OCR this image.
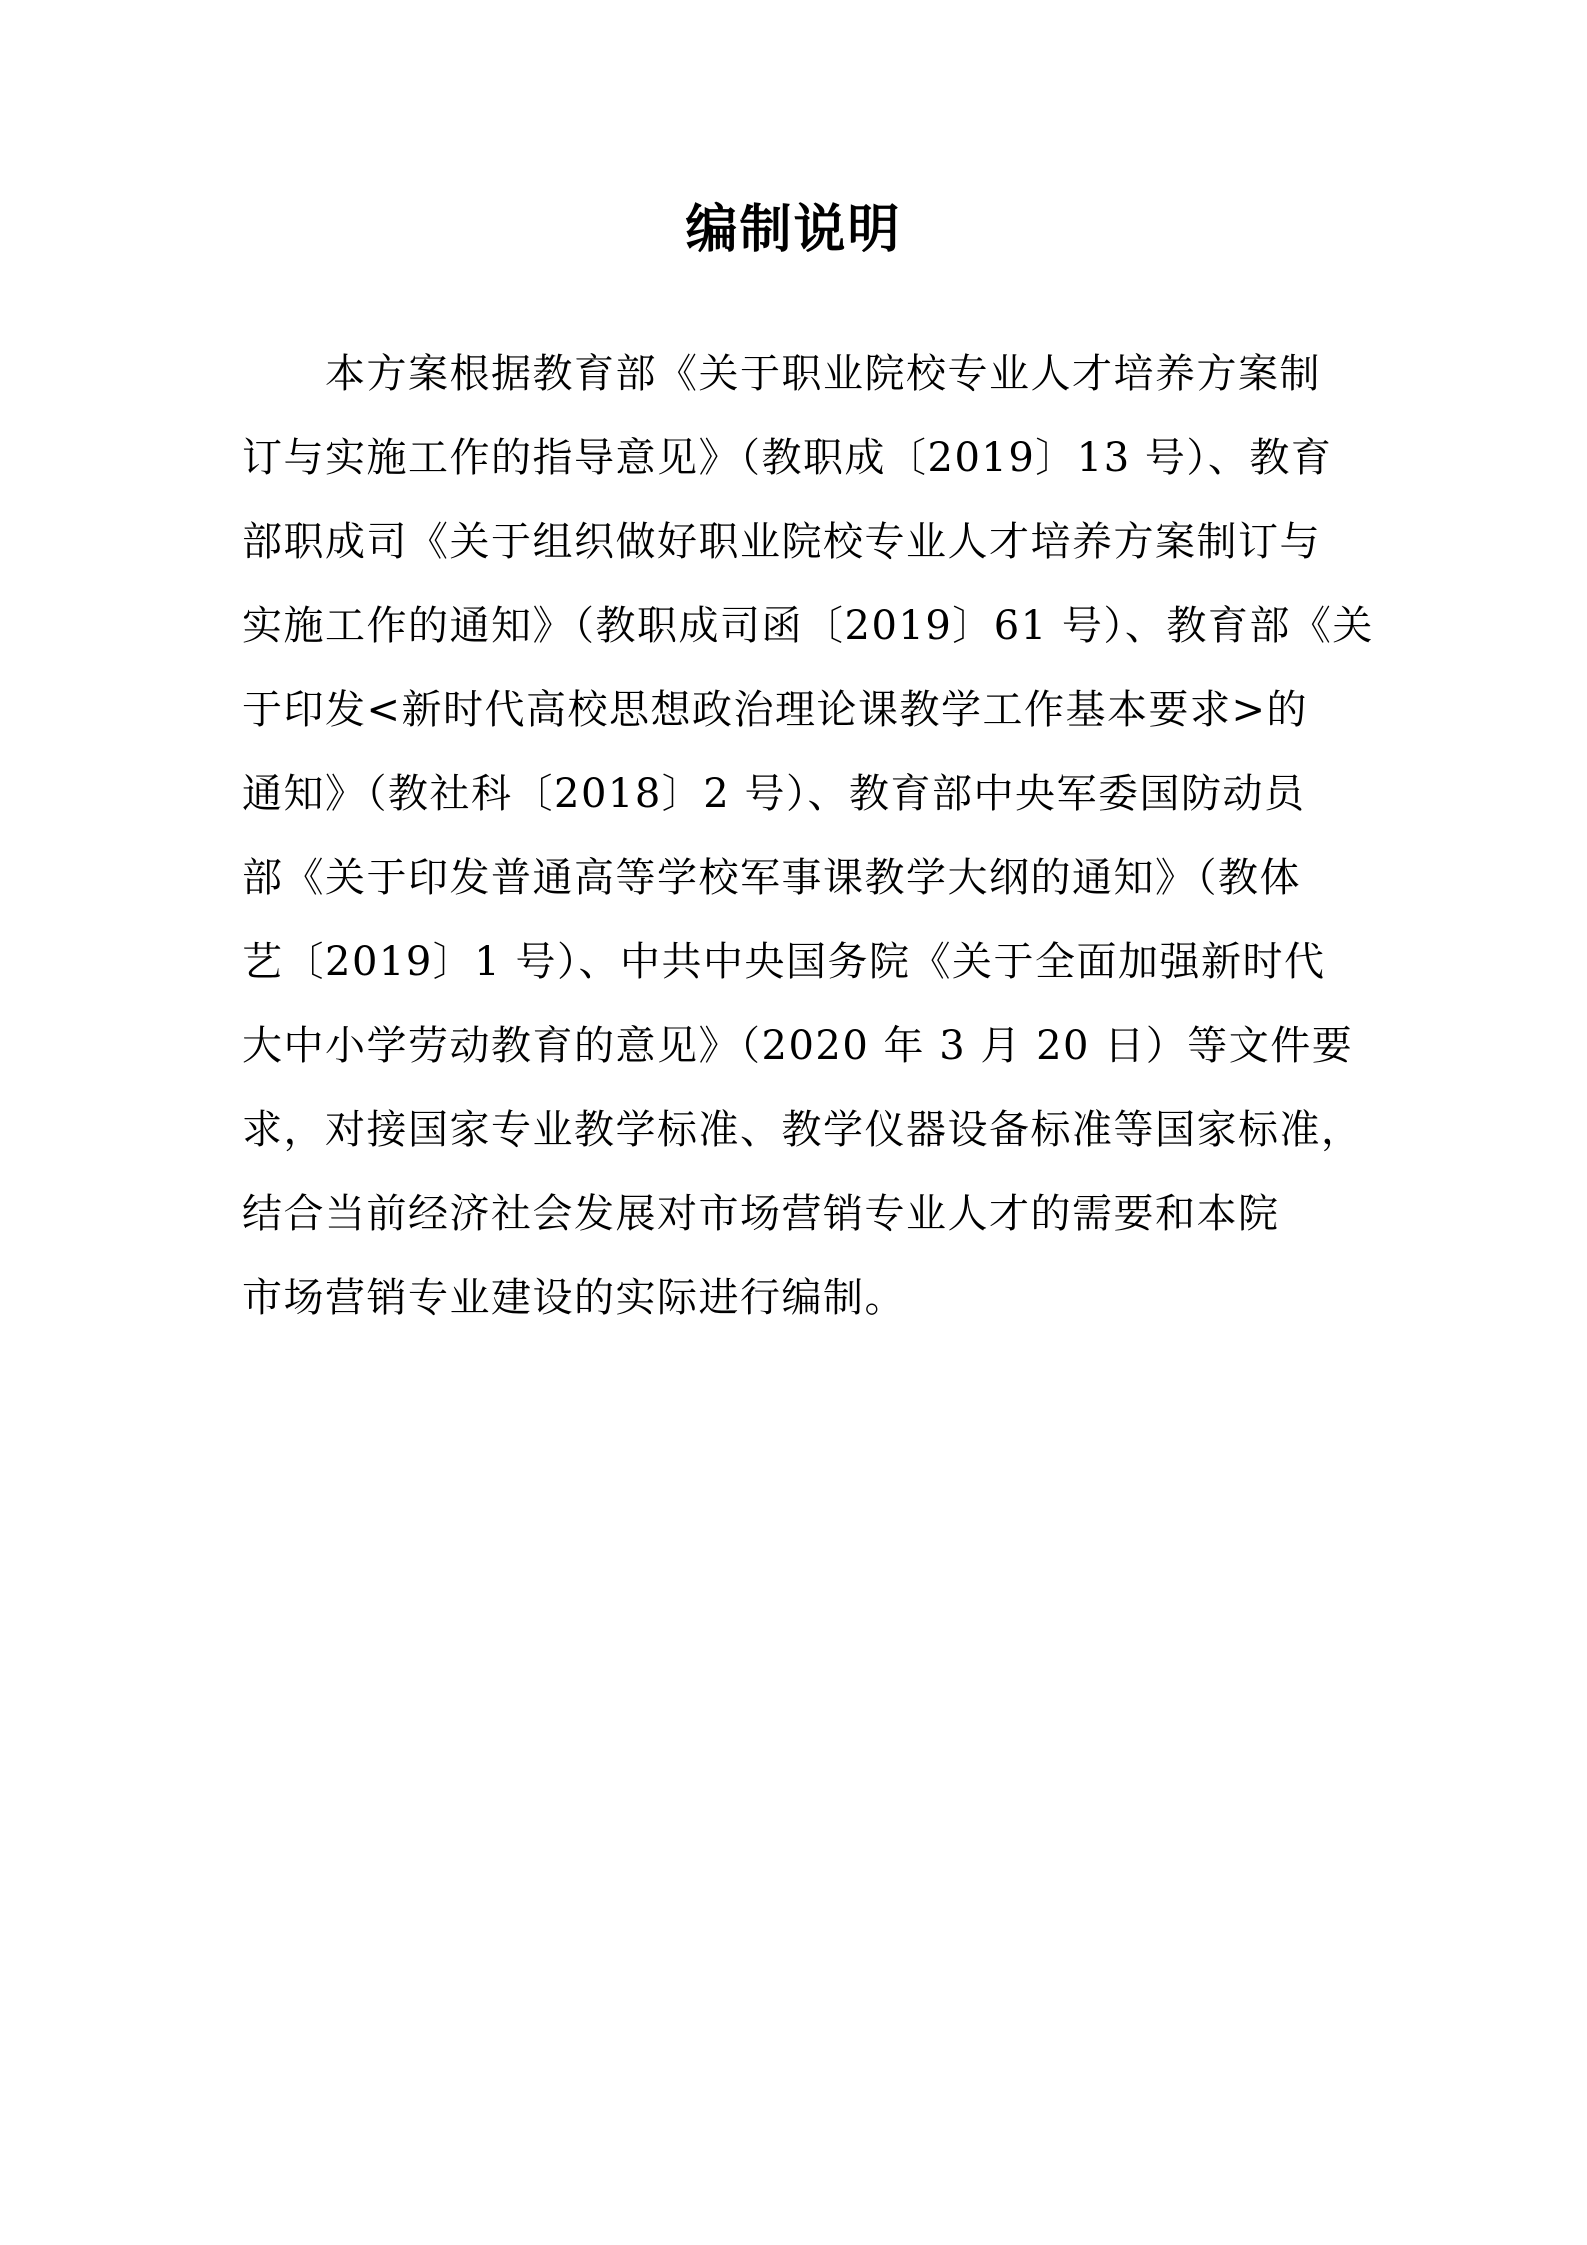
编制说明
　　本方案根据教育部《关于职业院校专业人才培养方案制
订与实施工作的指导意见》（教职成〔2019〕13 号）、教育
部职成司《关于组织做好职业院校专业人才培养方案制订与
实施工作的通知》（教职成司函〔2019〕61 号）、教育部《关
于印发<新时代高校思想政治理论课教学工作基本要求>的
通知》（教社科〔2018〕2 号）、教育部中央军委国防动员
部《关于印发普通高等学校军事课教学大纲的通知》（教体
艺〔2019〕1 号）、中共中央国务院《关于全面加强新时代
大中小学劳动教育的意见》（2020 年 3 月 20 日）等文件要
求，对接国家专业教学标准、教学仪器设备标准等国家标准，
结合当前经济社会发展对市场营销专业人才的需要和本院
市场营销专业建设的实际进行编制。
